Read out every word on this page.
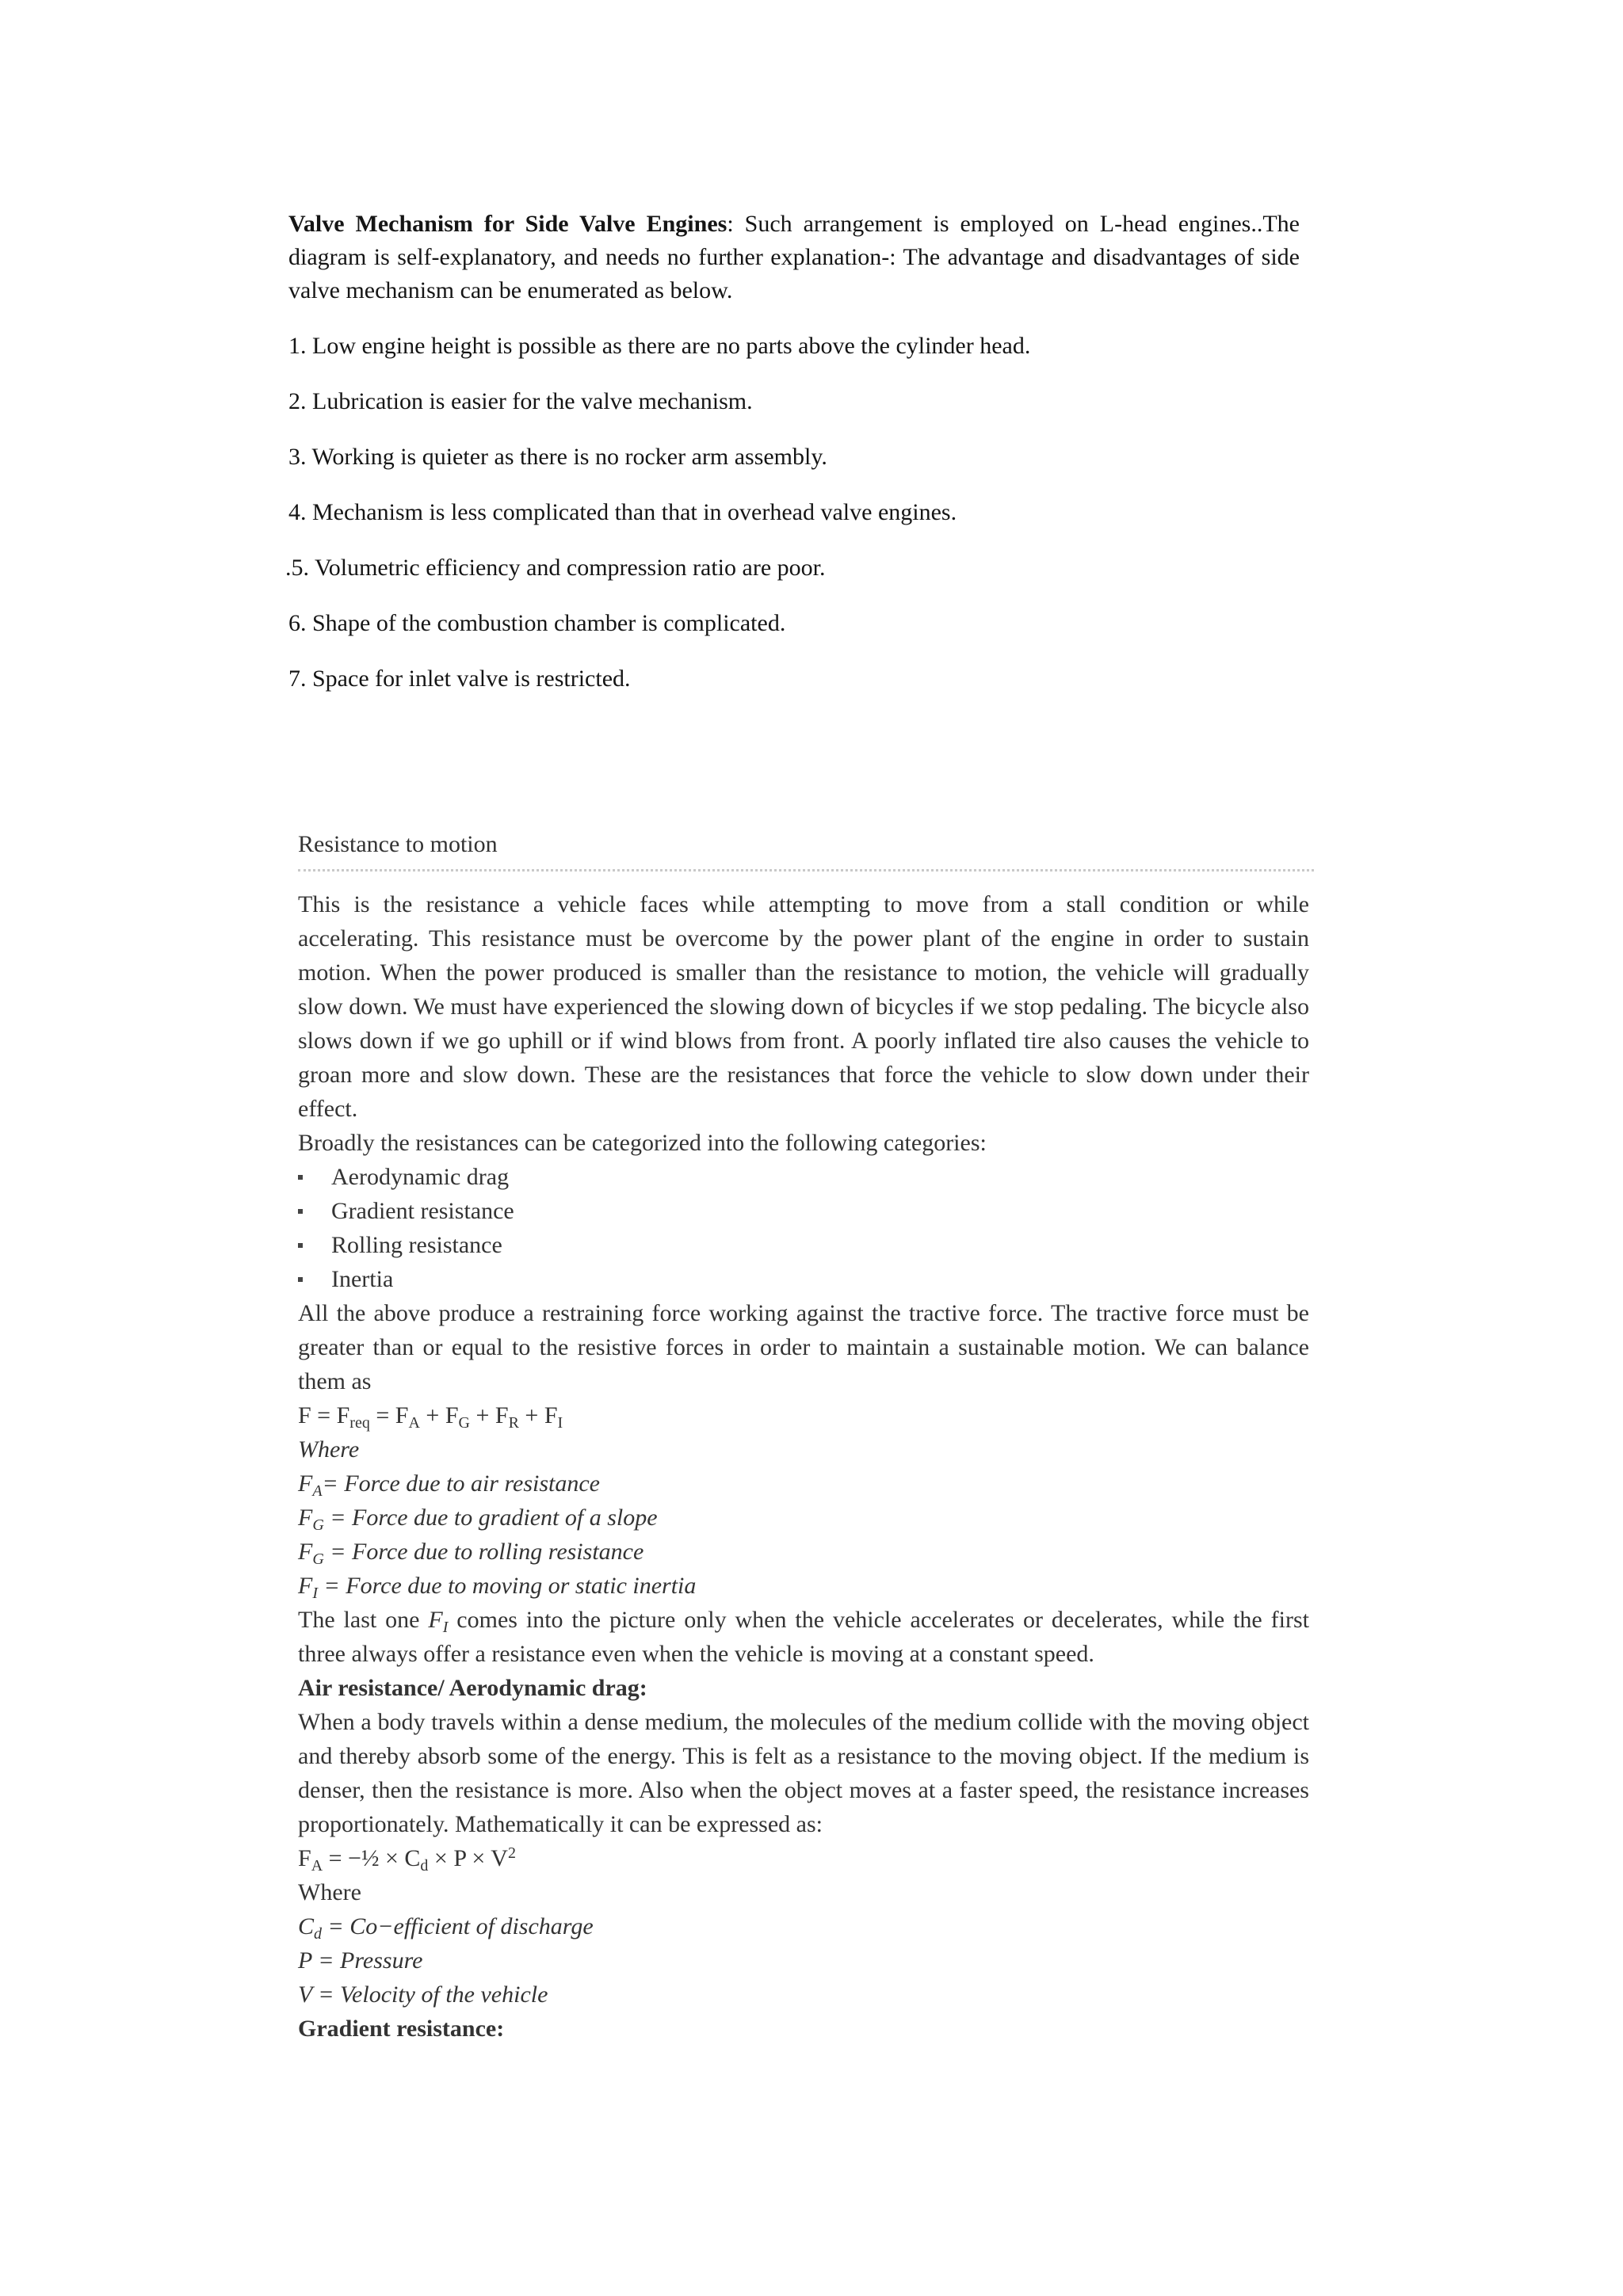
Valve Mechanism for Side Valve Engines: Such arrangement is employed on L-head engines..The diagram is self-explanatory, and needs no further explanation-: The advantage and disadvantages of side valve mechanism can be enumerated as below.

1. Low engine height is possible as there are no parts above the cylinder head.
2. Lubrication is easier for the valve mechanism.
3. Working is quieter as there is no rocker arm assembly.
4. Mechanism is less complicated than that in overhead valve engines.
.5. Volumetric efficiency and compression ratio are poor.
6. Shape of the combustion chamber is complicated.
7. Space for inlet valve is restricted.
Resistance to motion

This is the resistance a vehicle faces while attempting to move from a stall condition or while accelerating. This resistance must be overcome by the power plant of the engine in order to sustain motion. When the power produced is smaller than the resistance to motion, the vehicle will gradually slow down. We must have experienced the slowing down of bicycles if we stop pedaling. The bicycle also slows down if we go uphill or if wind blows from front. A poorly inflated tire also causes the vehicle to groan more and slow down. These are the resistances that force the vehicle to slow down under their effect.

Broadly the resistances can be categorized into the following categories:

Aerodynamic drag
Gradient resistance
Rolling resistance
Inertia

All the above produce a restraining force working against the tractive force. The tractive force must be greater than or equal to the resistive forces in order to maintain a sustainable motion. We can balance them as

$F = F_{req} = F_A + F_G + F_R + F_I$
Where
$F_A=$ Force due to air resistance
$F_G$ = Force due to gradient of a slope
$F_G$ = Force due to rolling resistance
$F_I$ = Force due to moving or static inertia

The last one $F_I$ comes into the picture only when the vehicle accelerates or decelerates, while the first three always offer a resistance even when the vehicle is moving at a constant speed.

Air resistance/ Aerodynamic drag:

When a body travels within a dense medium, the molecules of the medium collide with the moving object and thereby absorb some of the energy. This is felt as a resistance to the moving object. If the medium is denser, then the resistance is more. Also when the object moves at a faster speed, the resistance increases proportionately. Mathematically it can be expressed as:

$F_A$ = −½ × $C_d \times P \times V^2$
Where
$C_d$ = Co−efficient of discharge
P = Pressure
V = Velocity of the vehicle
Gradient resistance:
